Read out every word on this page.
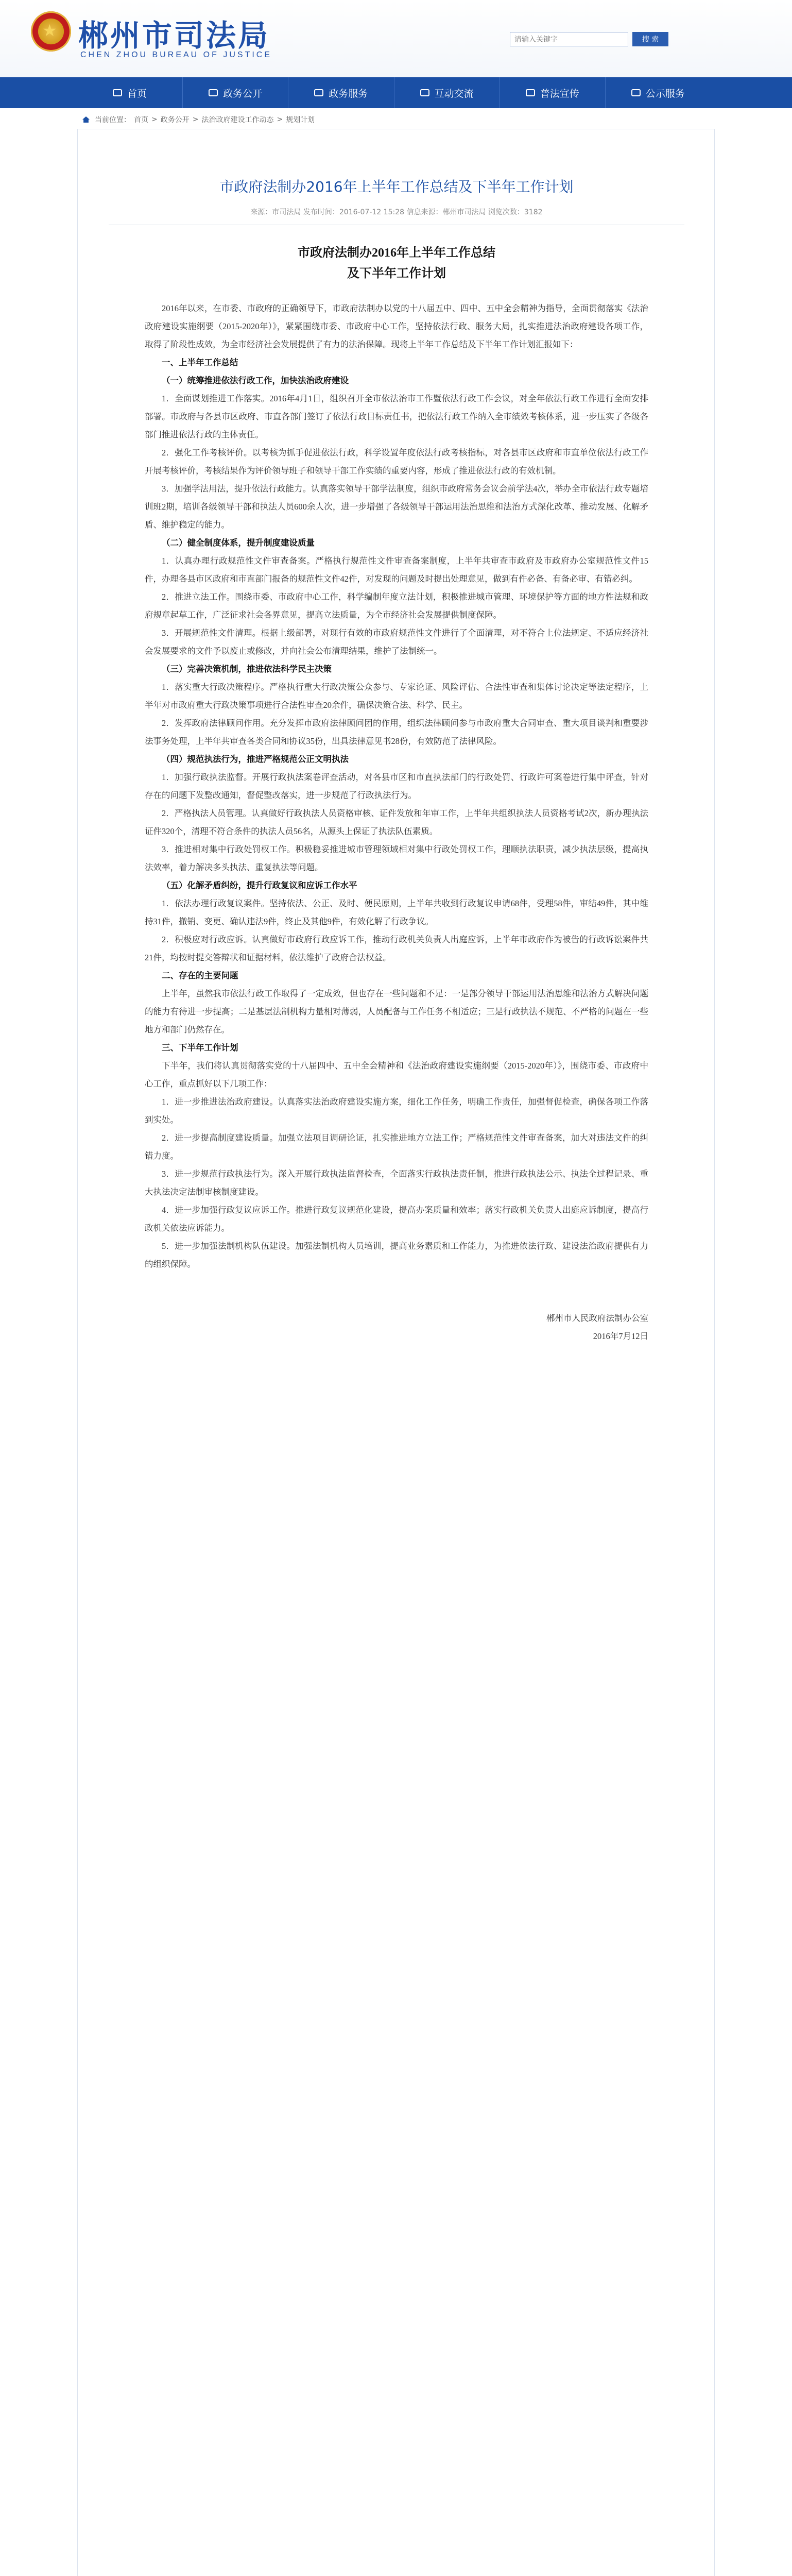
★ 郴州市司法局
CHEN ZHOU BUREAU OF JUSTICE
请输入关键字
搜 索
首页	政务公开	政务服务	互动交流	普法宣传	公示服务
当前位置： 首页 > 政务公开 > 法治政府建设工作动态 > 规划计划
市政府法制办2016年上半年工作总结及下半年工作计划
来源：市司法局 发布时间：2016-07-12 15:28 信息来源：郴州市司法局 浏览次数：3182
市政府法制办2016年上半年工作总结
及下半年工作计划

2016年以来，在市委、市政府的正确领导下，市政府法制办以党的十八届五中、四中、五中全会精神为指导，全面贯彻落实《法治政府建设实施纲要（2015-2020年）》，紧紧围绕市委、市政府中心工作，坚持依法行政、服务大局，扎实推进法治政府建设各项工作，取得了阶段性成效，为全市经济社会发展提供了有力的法治保障。现将上半年工作总结及下半年工作计划汇报如下：

一、上半年工作总结

（一）统筹推进依法行政工作，加快法治政府建设

1．全面谋划推进工作落实。2016年4月1日，组织召开全市依法治市工作暨依法行政工作会议，对全年依法行政工作进行全面安排部署。市政府与各县市区政府、市直各部门签订了依法行政目标责任书，把依法行政工作纳入全市绩效考核体系，进一步压实了各级各部门推进依法行政的主体责任。

2．强化工作考核评价。以考核为抓手促进依法行政，科学设置年度依法行政考核指标，对各县市区政府和市直单位依法行政工作开展考核评价，考核结果作为评价领导班子和领导干部工作实绩的重要内容，形成了推进依法行政的有效机制。

3．加强学法用法，提升依法行政能力。认真落实领导干部学法制度，组织市政府常务会议会前学法4次，举办全市依法行政专题培训班2期，培训各级领导干部和执法人员600余人次，进一步增强了各级领导干部运用法治思维和法治方式深化改革、推动发展、化解矛盾、维护稳定的能力。

（二）健全制度体系，提升制度建设质量

1．认真办理行政规范性文件审查备案。严格执行规范性文件审查备案制度，上半年共审查市政府及市政府办公室规范性文件15件，办理各县市区政府和市直部门报备的规范性文件42件，对发现的问题及时提出处理意见，做到有件必备、有备必审、有错必纠。

2．推进立法工作。围绕市委、市政府中心工作，科学编制年度立法计划，积极推进城市管理、环境保护等方面的地方性法规和政府规章起草工作，广泛征求社会各界意见，提高立法质量，为全市经济社会发展提供制度保障。

3．开展规范性文件清理。根据上级部署，对现行有效的市政府规范性文件进行了全面清理，对不符合上位法规定、不适应经济社会发展要求的文件予以废止或修改，并向社会公布清理结果，维护了法制统一。

（三）完善决策机制，推进依法科学民主决策

1．落实重大行政决策程序。严格执行重大行政决策公众参与、专家论证、风险评估、合法性审查和集体讨论决定等法定程序，上半年对市政府重大行政决策事项进行合法性审查20余件，确保决策合法、科学、民主。

2．发挥政府法律顾问作用。充分发挥市政府法律顾问团的作用，组织法律顾问参与市政府重大合同审查、重大项目谈判和重要涉法事务处理，上半年共审查各类合同和协议35份，出具法律意见书28份，有效防范了法律风险。

（四）规范执法行为，推进严格规范公正文明执法

1．加强行政执法监督。开展行政执法案卷评查活动，对各县市区和市直执法部门的行政处罚、行政许可案卷进行集中评查，针对存在的问题下发整改通知，督促整改落实，进一步规范了行政执法行为。

2．严格执法人员管理。认真做好行政执法人员资格审核、证件发放和年审工作，上半年共组织执法人员资格考试2次，新办理执法证件320个，清理不符合条件的执法人员56名，从源头上保证了执法队伍素质。

3．推进相对集中行政处罚权工作。积极稳妥推进城市管理领域相对集中行政处罚权工作，理顺执法职责，减少执法层级，提高执法效率，着力解决多头执法、重复执法等问题。

（五）化解矛盾纠纷，提升行政复议和应诉工作水平

1．依法办理行政复议案件。坚持依法、公正、及时、便民原则，上半年共收到行政复议申请68件，受理58件，审结49件，其中维持31件，撤销、变更、确认违法9件，终止及其他9件，有效化解了行政争议。

2．积极应对行政应诉。认真做好市政府行政应诉工作，推动行政机关负责人出庭应诉，上半年市政府作为被告的行政诉讼案件共21件，均按时提交答辩状和证据材料，依法维护了政府合法权益。

二、存在的主要问题

上半年，虽然我市依法行政工作取得了一定成效，但也存在一些问题和不足：一是部分领导干部运用法治思维和法治方式解决问题的能力有待进一步提高；二是基层法制机构力量相对薄弱，人员配备与工作任务不相适应；三是行政执法不规范、不严格的问题在一些地方和部门仍然存在。

三、下半年工作计划

下半年，我们将认真贯彻落实党的十八届四中、五中全会精神和《法治政府建设实施纲要（2015-2020年）》，围绕市委、市政府中心工作，重点抓好以下几项工作：

1．进一步推进法治政府建设。认真落实法治政府建设实施方案，细化工作任务，明确工作责任，加强督促检查，确保各项工作落到实处。

2．进一步提高制度建设质量。加强立法项目调研论证，扎实推进地方立法工作；严格规范性文件审查备案，加大对违法文件的纠错力度。

3．进一步规范行政执法行为。深入开展行政执法监督检查，全面落实行政执法责任制，推进行政执法公示、执法全过程记录、重大执法决定法制审核制度建设。

4．进一步加强行政复议应诉工作。推进行政复议规范化建设，提高办案质量和效率；落实行政机关负责人出庭应诉制度，提高行政机关依法应诉能力。

5．进一步加强法制机构队伍建设。加强法制机构人员培训，提高业务素质和工作能力，为推进依法行政、建设法治政府提供有力的组织保障。

郴州市人民政府法制办公室

2016年7月12日
